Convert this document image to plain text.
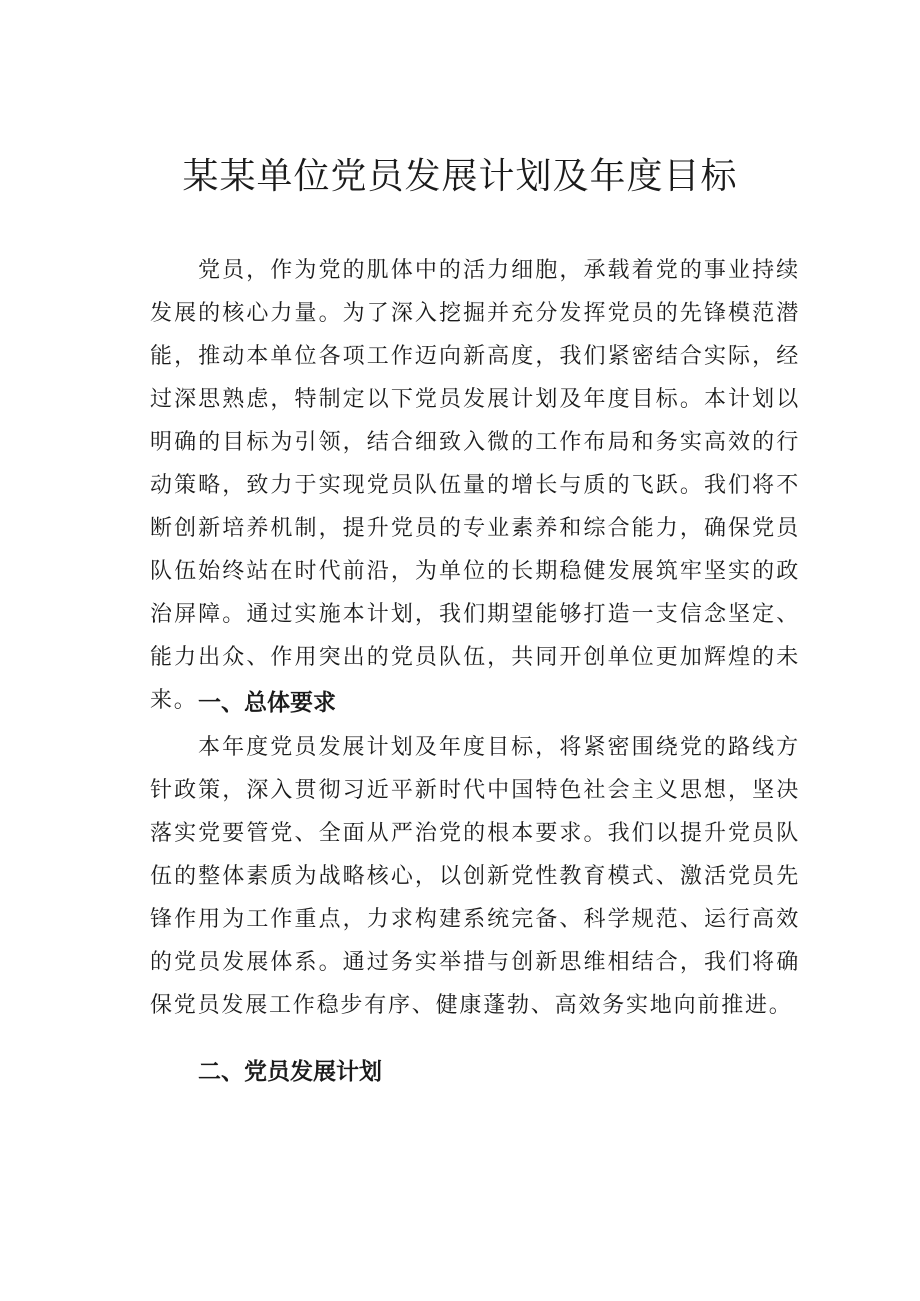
某某单位党员发展计划及年度目标

党员，作为党的肌体中的活力细胞，承载着党的事业持续发展的核心力量。为了深入挖掘并充分发挥党员的先锋模范潜能，推动本单位各项工作迈向新高度，我们紧密结合实际，经过深思熟虑，特制定以下党员发展计划及年度目标。本计划以明确的目标为引领，结合细致入微的工作布局和务实高效的行动策略，致力于实现党员队伍量的增长与质的飞跃。我们将不断创新培养机制，提升党员的专业素养和综合能力，确保党员队伍始终站在时代前沿，为单位的长期稳健发展筑牢坚实的政治屏障。通过实施本计划，我们期望能够打造一支信念坚定、能力出众、作用突出的党员队伍，共同开创单位更加辉煌的未来。 一、总体要求

本年度党员发展计划及年度目标，将紧密围绕党的路线方针政策，深入贯彻习近平新时代中国特色社会主义思想，坚决落实党要管党、全面从严治党的根本要求。我们以提升党员队伍的整体素质为战略核心，以创新党性教育模式、激活党员先锋作用为工作重点，力求构建系统完备、科学规范、运行高效的党员发展体系。通过务实举措与创新思维相结合，我们将确保党员发展工作稳步有序、健康蓬勃、高效务实地向前推进。

二、党员发展计划
